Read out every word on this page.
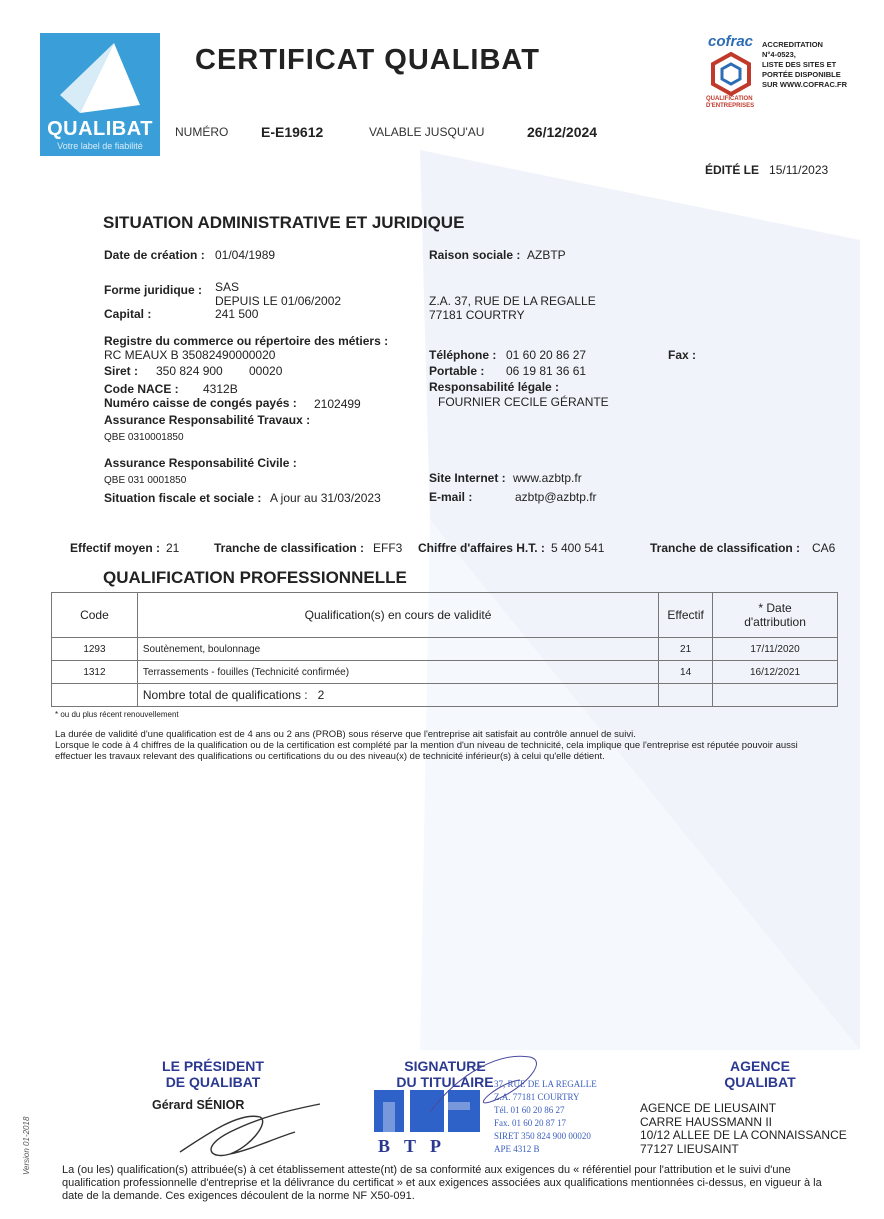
QUALIBAT
Votre label de fiabilité
CERTIFICAT QUALIBAT
NUMÉRO E-E19612	VALABLE JUSQU'AU	26/12/2024
cofrac
QUALIFICATION D'ENTREPRISES
ACCREDITATION
N°4-0523,
LISTE DES SITES ET
PORTÉE DISPONIBLE
SUR WWW.COFRAC.FR
ÉDITÉ LE 15/11/2023
SITUATION ADMINISTRATIVE ET JURIDIQUE
Date de création : 01/04/1989	Raison sociale : AZBTP
Forme juridique : SAS
DEPUIS LE 01/06/2002
Capital :	241 500
Z.A. 37, RUE DE LA REGALLE
77181 COURTRY
Registre du commerce ou répertoire des métiers :
RC MEAUX B 35082490000020
Siret : 350 824 900 00020
Téléphone : 01 60 20 86 27	Fax :
Portable : 06 19 81 36 61
Code NACE : 4312B	Responsabilité légale :
FOURNIER CECILE GÉRANTE
Numéro caisse de congés payés : 2102499
Assurance Responsabilité Travaux :
QBE 0310001850
Assurance Responsabilité Civile :
QBE 031 0001850	Site Internet : www.azbtp.fr
Situation fiscale et sociale : A jour au 31/03/2023	E-mail :	azbtp@azbtp.fr
Effectif moyen : 21	Tranche de classification : EFF3 Chiffre d'affaires H.T. : 5 400 541	Tranche de classification : CA6
QUALIFICATION PROFESSIONNELLE
Code	Qualification(s) en cours de validité	Effectif	* Date
d'attribution
1293	Soutènement, boulonnage	21	17/11/2020
1312	Terrassements - fouilles (Technicité confirmée)	14	16/12/2021
	Nombre total de qualifications : 2		
* ou du plus récent renouvellement
La durée de validité d'une qualification est de 4 ans ou 2 ans (PROB) sous réserve que l'entreprise ait satisfait au contrôle annuel de suivi.
Lorsque le code à 4 chiffres de la qualification ou de la certification est complété par la mention d'un niveau de technicité, cela implique que l'entreprise est réputée pouvoir aussi effectuer les travaux relevant des qualifications ou certifications du ou des niveau(x) de technicité inférieur(s) à celui qu'elle détient.
LE PRÉSIDENT
DE QUALIBAT
Gérard SÉNIOR
SIGNATURE
DU TITULAIRE
BTP
37, RUE DE LA REGALLE
Z.A. 77181 COURTRY
Tél. 01 60 20 86 27
Fax. 01 60 20 87 17
SIRET 350 824 900 00020
APE 4312 B
AGENCE
QUALIBAT
AGENCE DE LIEUSAINT
CARRE HAUSSMANN II
10/12 ALLEE DE LA CONNAISSANCE
77127 LIEUSAINT
Version 01-2018	La (ou les) qualification(s) attribuée(s) à cet établissement atteste(nt) de sa conformité aux exigences du « référentiel pour l'attribution et le suivi d'une qualification professionnelle d'entreprise et la délivrance du certificat » et aux exigences associées aux qualifications mentionnées ci-dessus, en vigueur à la date de la demande. Ces exigences découlent de la norme NF X50-091.
